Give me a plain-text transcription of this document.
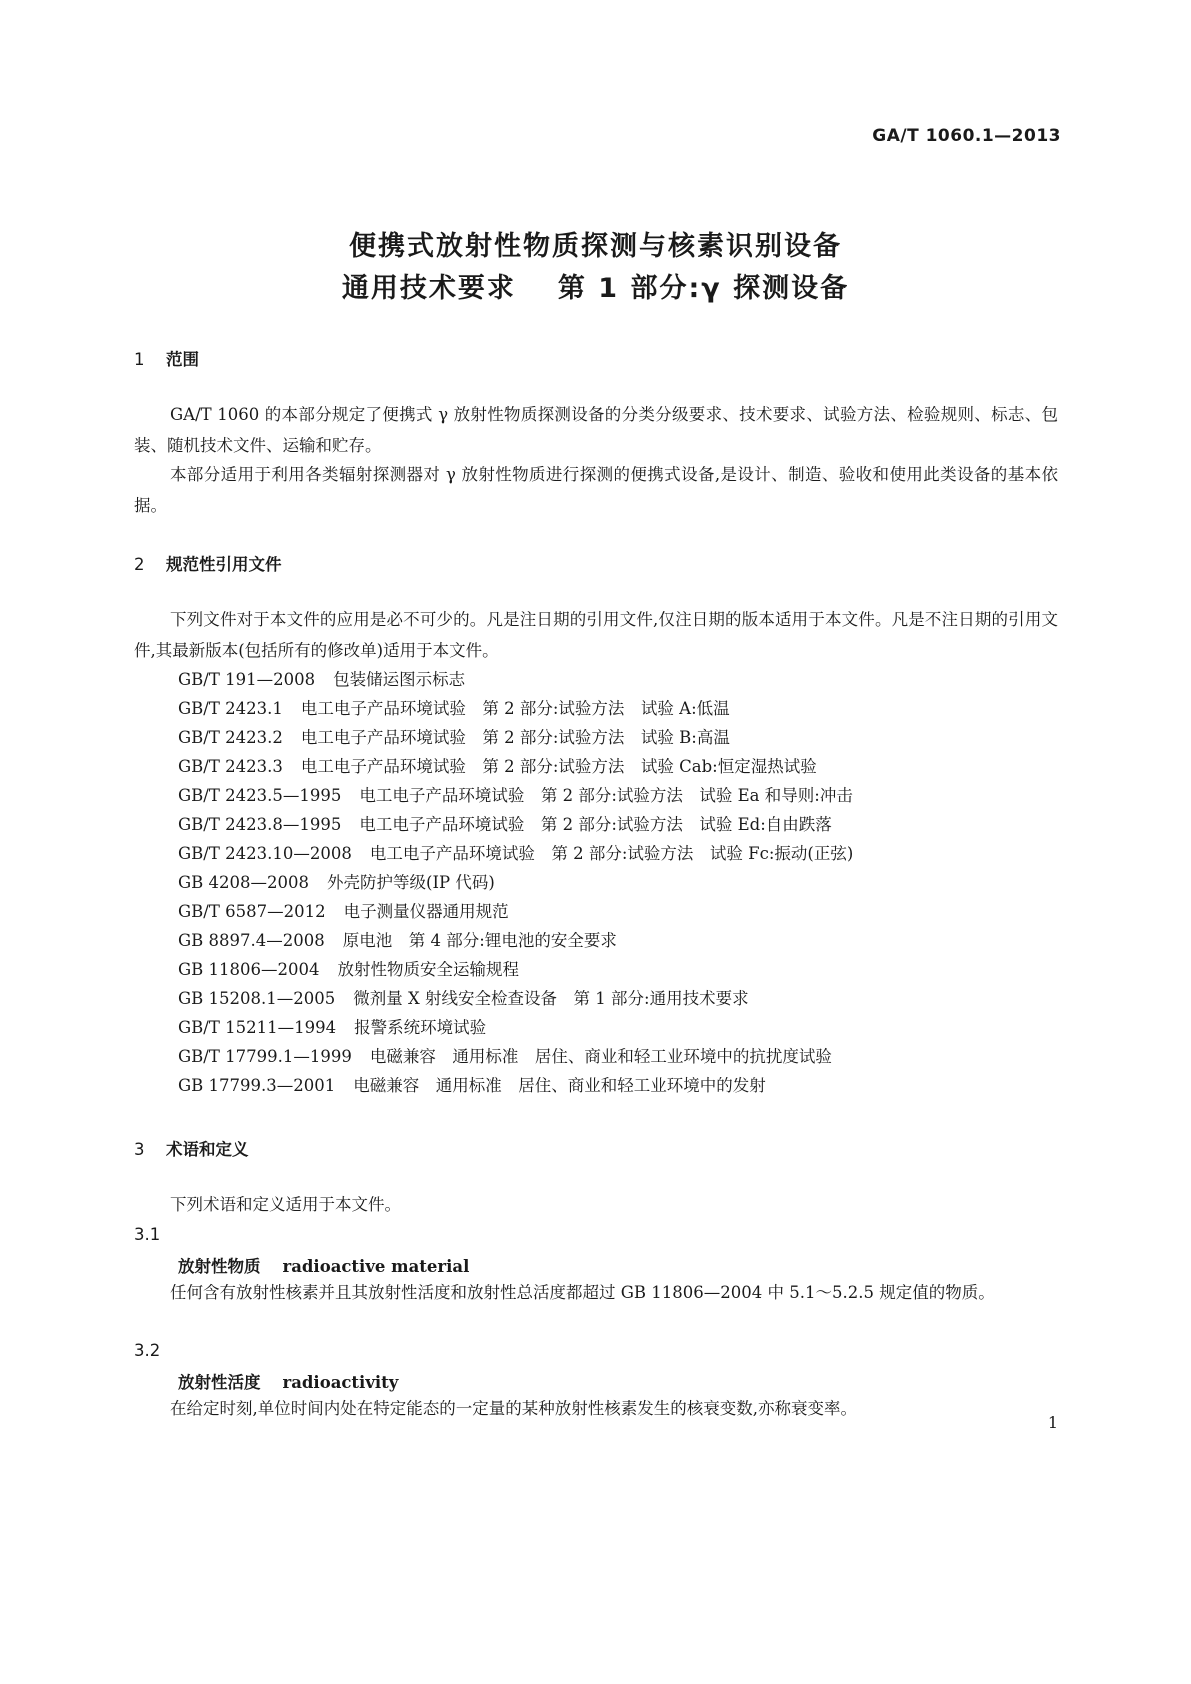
GA/T 1060.1—2013
便携式放射性物质探测与核素识别设备
通用技术要求 第 1 部分:γ 探测设备
1 范围
GA/T 1060 的本部分规定了便携式 γ 放射性物质探测设备的分类分级要求、技术要求、试验方法、检验规则、标志、包装、随机技术文件、运输和贮存。
本部分适用于利用各类辐射探测器对 γ 放射性物质进行探测的便携式设备,是设计、制造、验收和使用此类设备的基本依据。
2 规范性引用文件
下列文件对于本文件的应用是必不可少的。凡是注日期的引用文件,仅注日期的版本适用于本文件。凡是不注日期的引用文件,其最新版本(包括所有的修改单)适用于本文件。
GB/T 191—2008 包装储运图示标志
GB/T 2423.1 电工电子产品环境试验　第 2 部分:试验方法　试验 A:低温
GB/T 2423.2 电工电子产品环境试验　第 2 部分:试验方法　试验 B:高温
GB/T 2423.3 电工电子产品环境试验　第 2 部分:试验方法　试验 Cab:恒定湿热试验
GB/T 2423.5—1995 电工电子产品环境试验　第 2 部分:试验方法　试验 Ea 和导则:冲击
GB/T 2423.8—1995 电工电子产品环境试验　第 2 部分:试验方法　试验 Ed:自由跌落
GB/T 2423.10—2008 电工电子产品环境试验　第 2 部分:试验方法　试验 Fc:振动(正弦)
GB 4208—2008 外壳防护等级(IP 代码)
GB/T 6587—2012 电子测量仪器通用规范
GB 8897.4—2008 原电池　第 4 部分:锂电池的安全要求
GB 11806—2004 放射性物质安全运输规程
GB 15208.1—2005 微剂量 X 射线安全检查设备　第 1 部分:通用技术要求
GB/T 15211—1994 报警系统环境试验
GB/T 17799.1—1999 电磁兼容　通用标准　居住、商业和轻工业环境中的抗扰度试验
GB 17799.3—2001 电磁兼容　通用标准　居住、商业和轻工业环境中的发射
3 术语和定义
下列术语和定义适用于本文件。
3.1
放射性物质 radioactive material
任何含有放射性核素并且其放射性活度和放射性总活度都超过 GB 11806—2004 中 5.1～5.2.5 规定值的物质。
3.2
放射性活度 radioactivity
在给定时刻,单位时间内处在特定能态的一定量的某种放射性核素发生的核衰变数,亦称衰变率。
1
